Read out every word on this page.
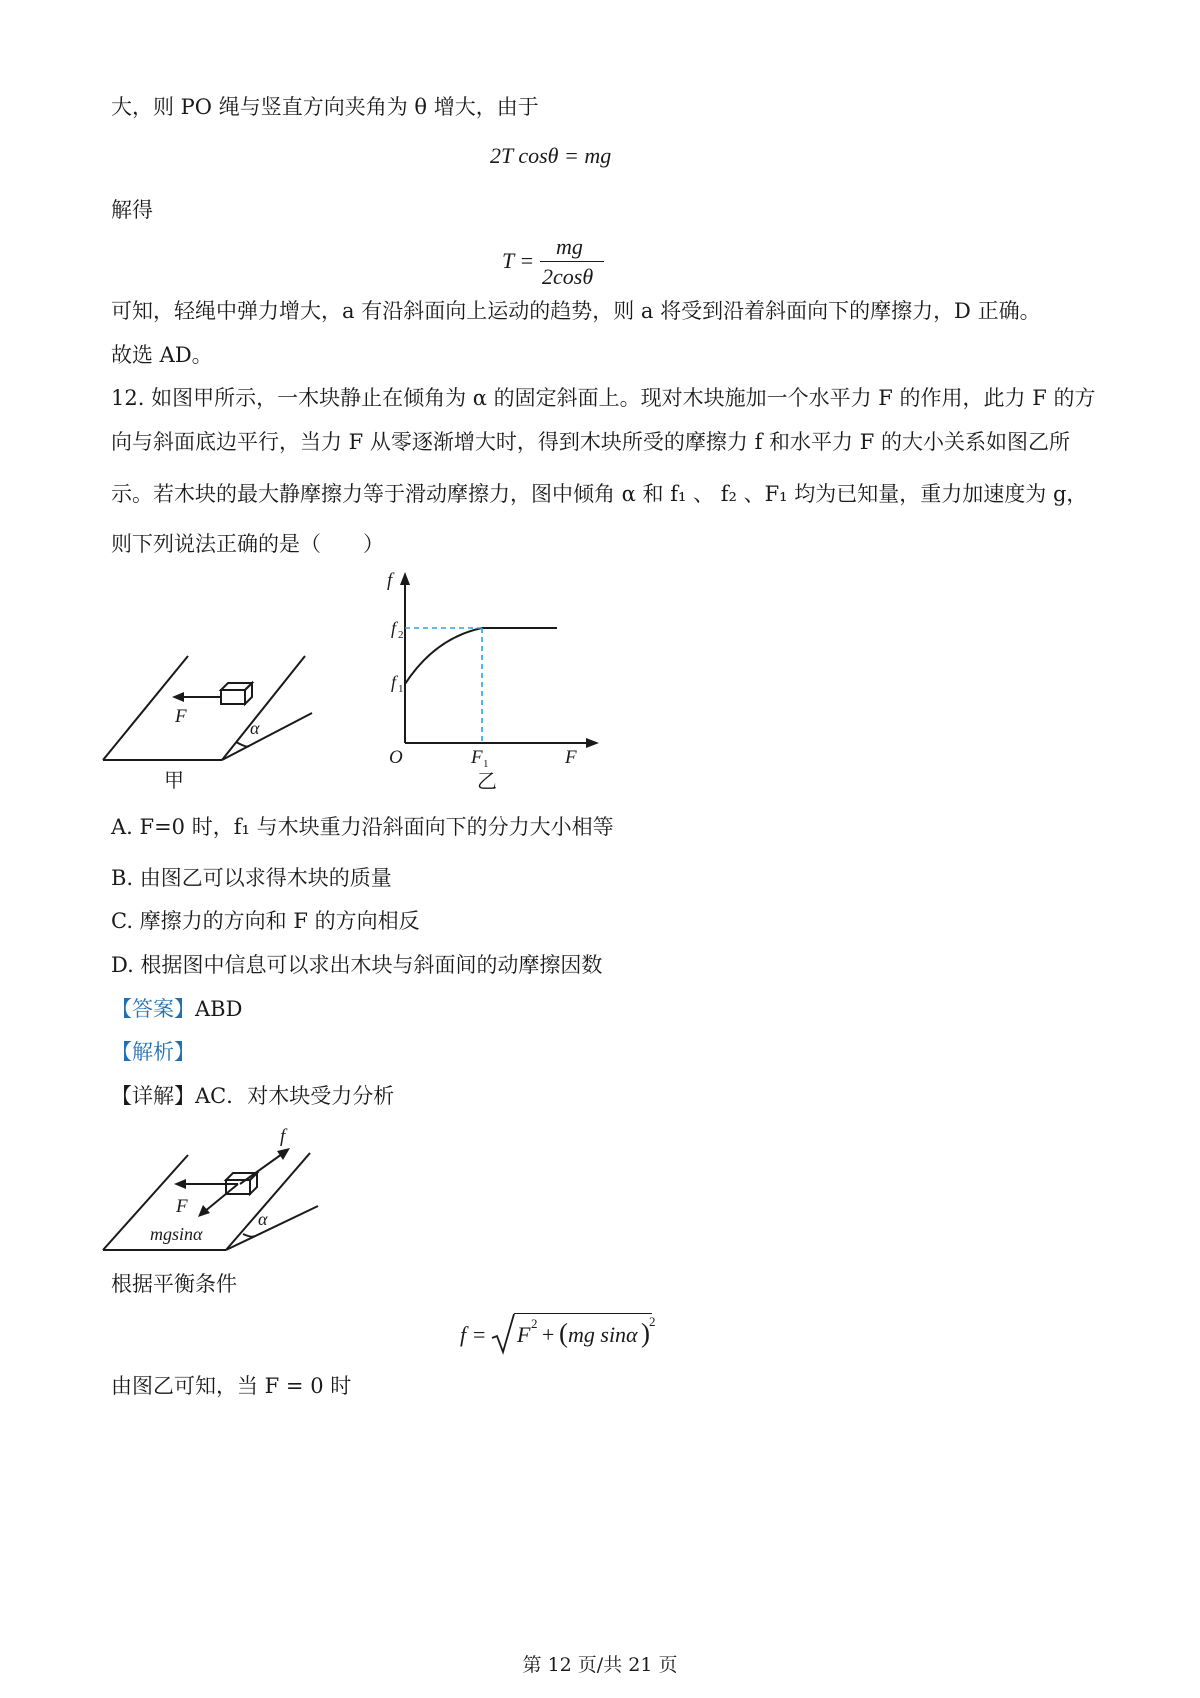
大，则 PO 绳与竖直方向夹角为 θ 增大，由于
2T cosθ = mg
解得
T =
mg
2cosθ
可知，轻绳中弹力增大，a 有沿斜面向上运动的趋势，则 a 将受到沿着斜面向下的摩擦力，D 正确。
故选 AD。
12. 如图甲所示，一木块静止在倾角为 α 的固定斜面上。现对木块施加一个水平力 F 的作用，此力 F 的方
向与斜面底边平行，当力 F 从零逐渐增大时，得到木块所受的摩擦力 f 和水平力 F 的大小关系如图乙所
示。若木块的最大静摩擦力等于滑动摩擦力，图中倾角 α 和 f₁ 、 f₂ 、F₁ 均为已知量，重力加速度为 g，
则下列说法正确的是（　　）
F
α
甲
f
f 1
f 2
O	F 1	F
乙
A. F=0 时，f₁ 与木块重力沿斜面向下的分力大小相等
B. 由图乙可以求得木块的质量
C. 摩擦力的方向和 F 的方向相反
D. 根据图中信息可以求出木块与斜面间的动摩擦因数
【答案】ABD
【解析】
【详解】AC．对木块受力分析
f
F
mgsinα
α
根据平衡条件
f = F 2 + ( mg sinα ) 2
由图乙可知，当 F = 0 时
第 12 页/共 21 页
